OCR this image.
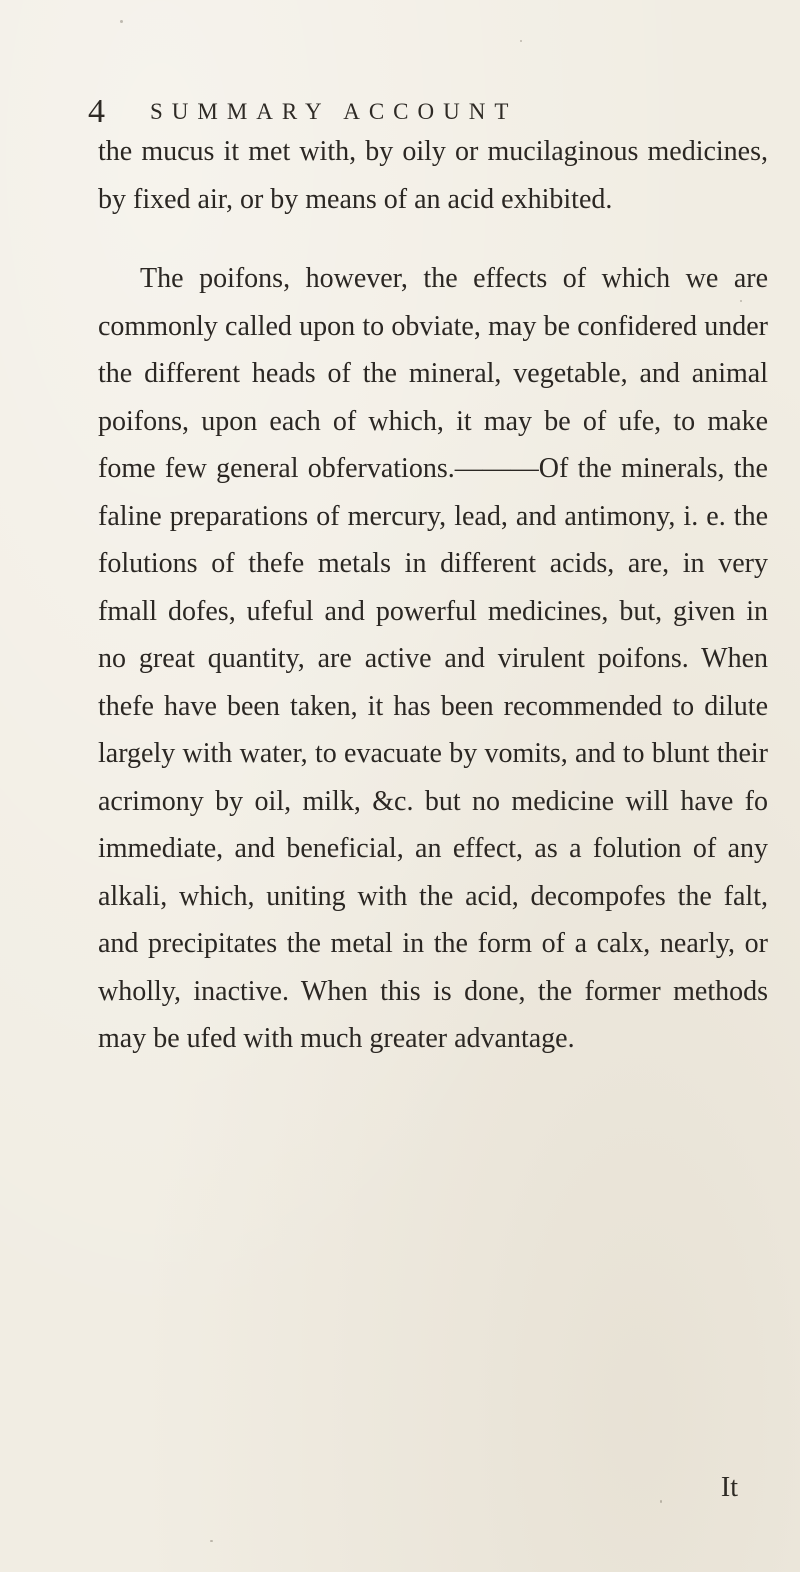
4	SUMMARY ACCOUNT

the mucus it met with, by oily or mucilaginous medicines, by fixed air, or by means of an acid exhibited.

The poifons, however, the effects of which we are commonly called upon to obviate, may be confidered under the different heads of the mineral, vegetable, and animal poifons, upon each of which, it may be of ufe, to make fome few general obfervations.———Of the minerals, the faline preparations of mercury, lead, and antimony, i. e. the folutions of thefe metals in different acids, are, in very fmall dofes, ufeful and powerful medicines, but, given in no great quantity, are active and virulent poifons. When thefe have been taken, it has been recommended to dilute largely with water, to evacuate by vomits, and to blunt their acrimony by oil, milk, &c. but no medicine will have fo immediate, and beneficial, an effect, as a folution of any alkali, which, uniting with the acid, decompofes the falt, and precipitates the metal in the form of a calx, nearly, or wholly, inactive. When this is done, the former methods may be ufed with much greater advantage.

It
